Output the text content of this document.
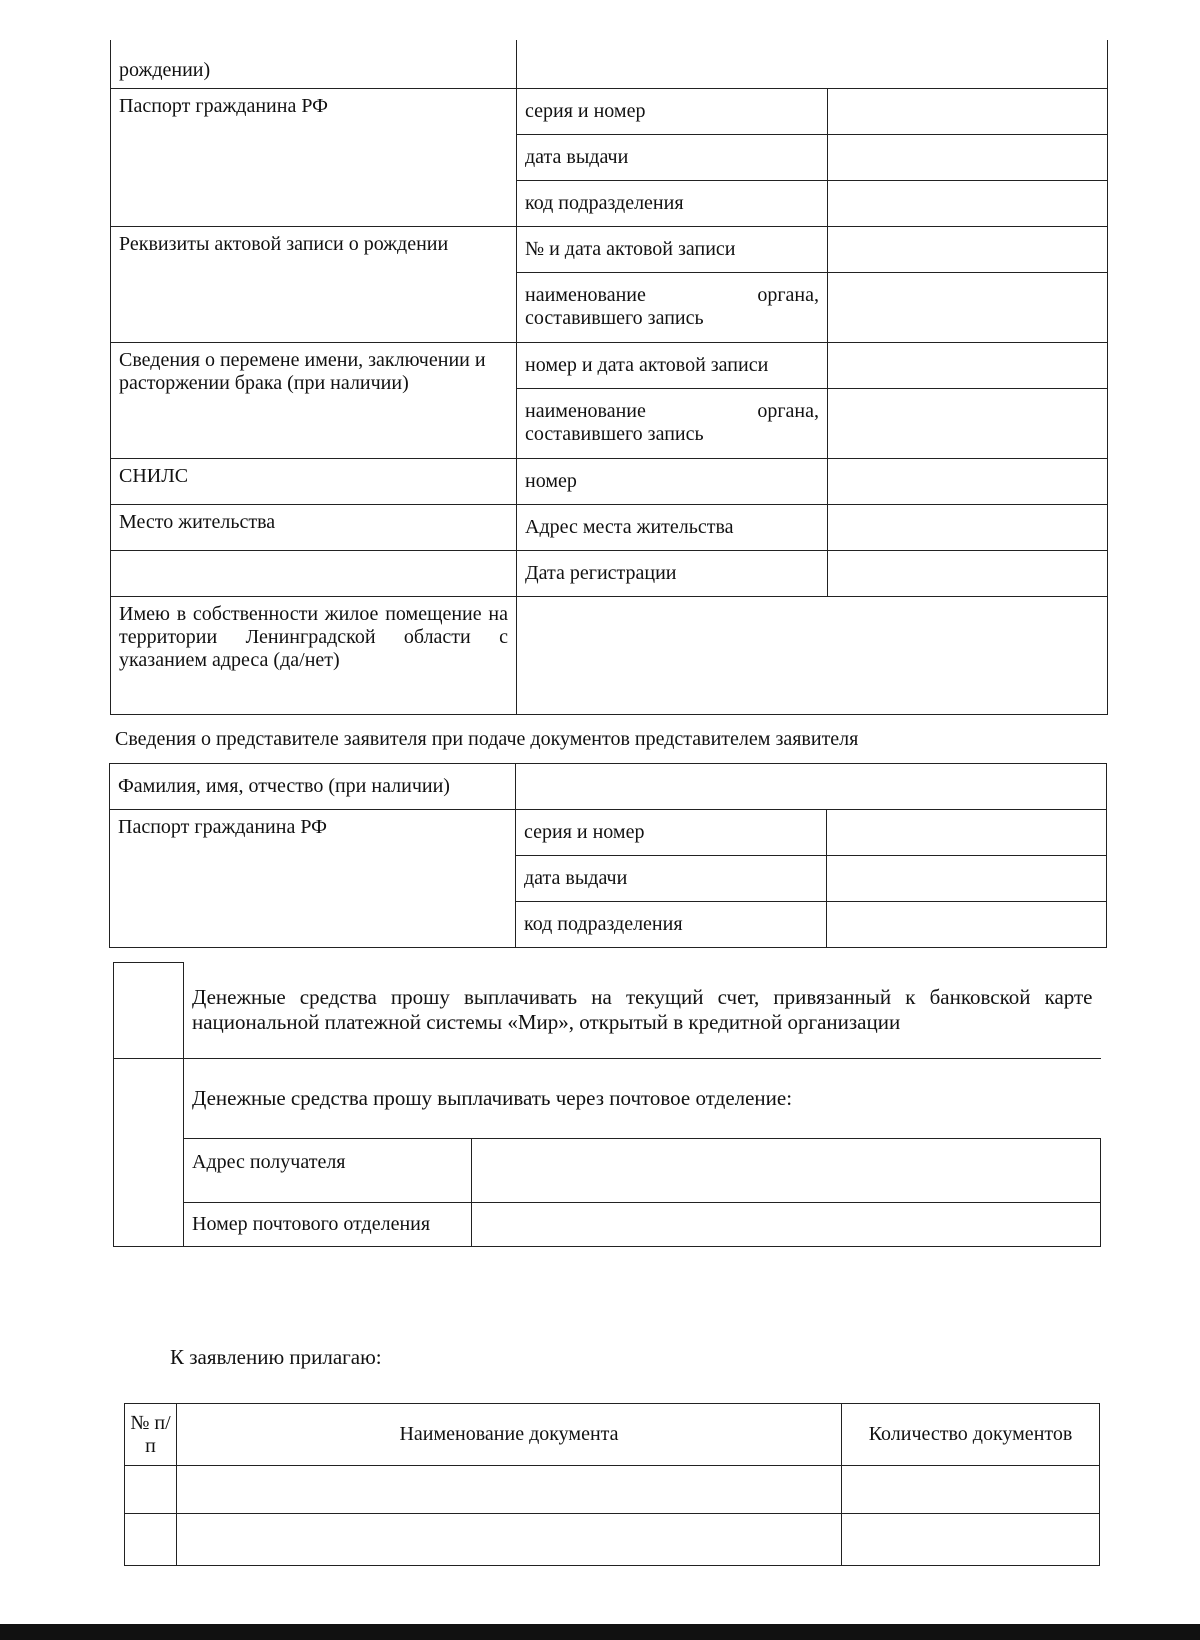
рождении)		
Паспорт гражданина РФ	серия и номер	
	дата выдачи	
	код подразделения	
Реквизиты актовой записи о рождении	№ и дата актовой записи	
	наименование органа, составившего запись	
Сведения о перемене имени, заключении и расторжении брака (при наличии)	номер и дата актовой записи	
	наименование органа, составившего запись	
СНИЛС	номер	
Место жительства	Адрес места жительства	
	Дата регистрации	
Имею в собственности жилое помещение на территории Ленинградской области с указанием адреса (да/нет)		
Сведения о представителе заявителя при подаче документов представителем заявителя
Фамилия, имя, отчество (при наличии)		
Паспорт гражданина РФ	серия и номер	
	дата выдачи	
	код подразделения	
	Денежные средства прошу выплачивать на текущий счет, привязанный к банковской карте национальной платежной системы «Мир», открытый в кредитной организации	
	Денежные средства прошу выплачивать через почтовое отделение:	
	Адрес получателя	
	Номер почтового отделения	
К заявлению прилагаю:
№ п/п	Наименование документа	Количество документов
